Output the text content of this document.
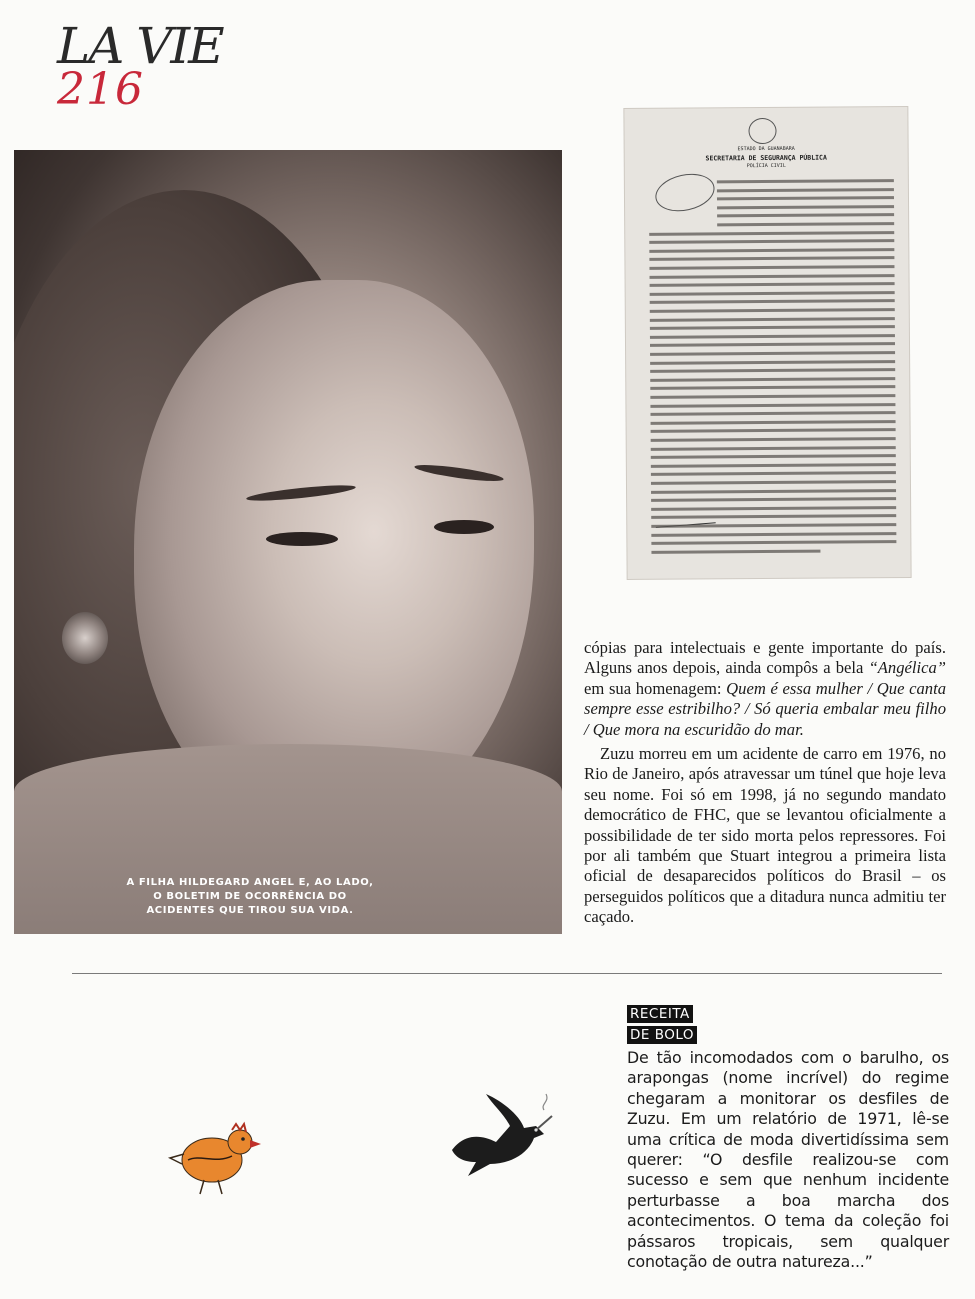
LA VIE
216
A FILHA HILDEGARD ANGEL E, AO LADO, O BOLETIM DE OCORRÊNCIA DO ACIDENTES QUE TIROU SUA VIDA.
ESTADO DA GUANABARA
SECRETARIA DE SEGURANÇA PÚBLICA
POLÍCIA CIVIL

cópias para intelectuais e gente importante do país. Alguns anos depois, ainda compôs a bela “Angélica” em sua homenagem: Quem é essa mulher / Que canta sempre esse estribilho? / Só queria embalar meu filho / Que mora na escuridão do mar.

Zuzu morreu em um acidente de carro em 1976, no Rio de Janeiro, após atravessar um túnel que hoje leva seu nome. Foi só em 1998, já no segundo mandato democrático de FHC, que se levantou oficialmente a possibilidade de ter sido morta pelos repressores. Foi por ali também que Stuart integrou a primeira lista oficial de desaparecidos políticos do Brasil – os perseguidos políticos que a ditadura nunca admitiu ter caçado.

RECEITA
DE BOLO
De tão incomodados com o barulho, os arapongas (nome incrível) do regime chegaram a monitorar os desfiles de Zuzu. Em um relatório de 1971, lê-se uma crítica de moda divertidíssima sem querer: “O desfile realizou-se com sucesso e sem que nenhum incidente perturbasse a boa marcha dos acontecimentos. O tema da coleção foi pássaros tropicais, sem qualquer conotação de outra natureza...”
